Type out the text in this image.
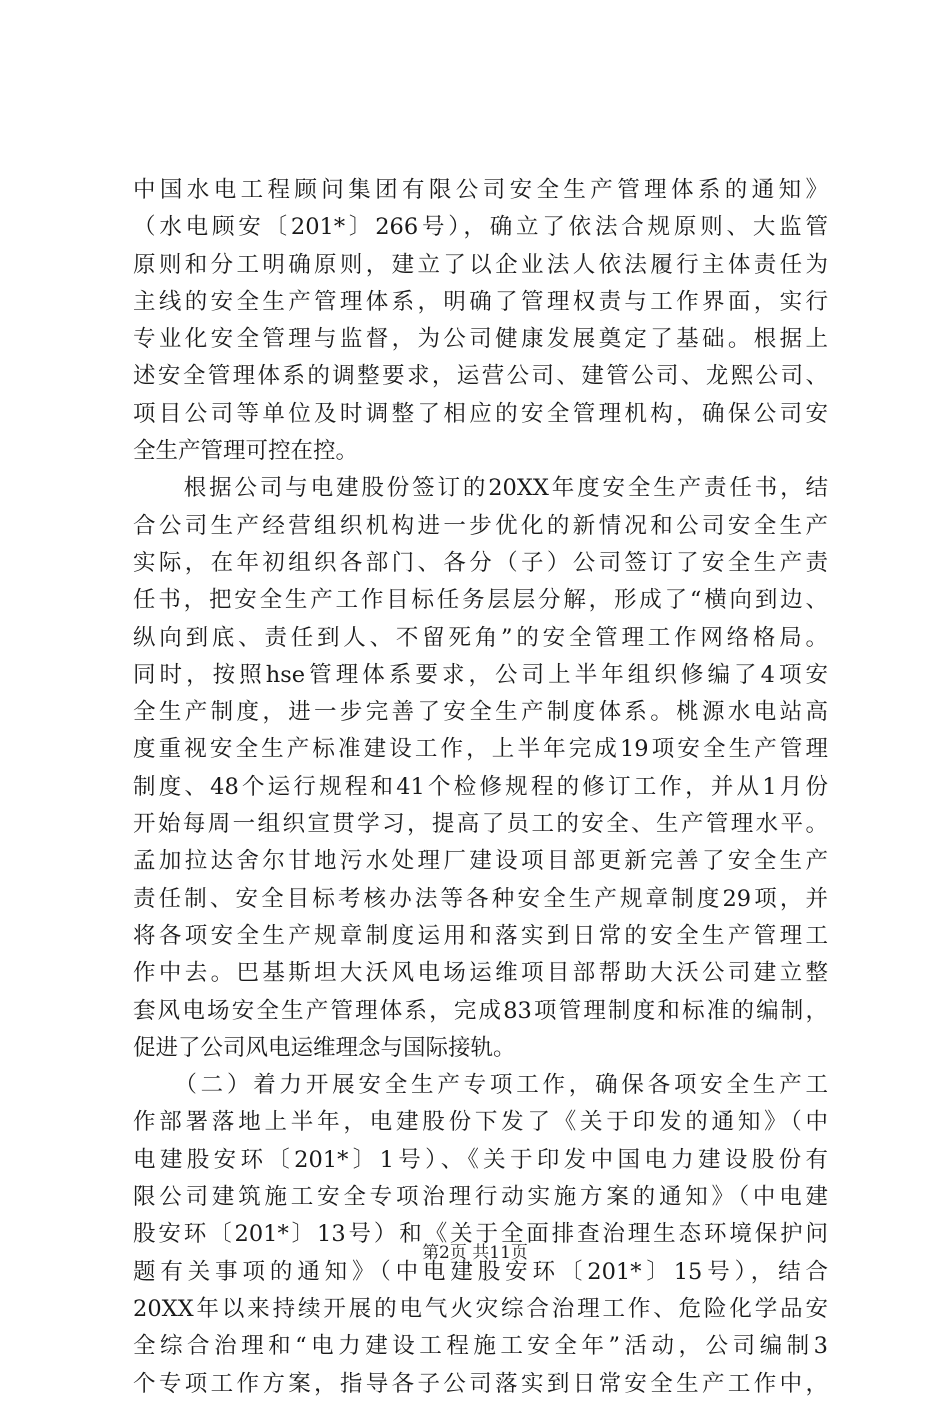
中国水电工程顾问集团有限公司安全生产管理体系的通知》
（水电顾安〔201*〕266号），确立了依法合规原则、大监管
原则和分工明确原则，建立了以企业法人依法履行主体责任为
主线的安全生产管理体系，明确了管理权责与工作界面，实行
专业化安全管理与监督，为公司健康发展奠定了基础。根据上
述安全管理体系的调整要求，运营公司、建管公司、龙熙公司、
项目公司等单位及时调整了相应的安全管理机构，确保公司安
全生产管理可控在控。
　　根据公司与电建股份签订的20XX年度安全生产责任书，结
合公司生产经营组织机构进一步优化的新情况和公司安全生产
实际，在年初组织各部门、各分（子）公司签订了安全生产责
任书，把安全生产工作目标任务层层分解，形成了“横向到边、
纵向到底、责任到人、不留死角”的安全管理工作网络格局。
同时，按照hse管理体系要求，公司上半年组织修编了4项安
全生产制度，进一步完善了安全生产制度体系。桃源水电站高
度重视安全生产标准建设工作，上半年完成19项安全生产管理
制度、48个运行规程和41个检修规程的修订工作，并从1月份
开始每周一组织宣贯学习，提高了员工的安全、生产管理水平。
孟加拉达舍尔甘地污水处理厂建设项目部更新完善了安全生产
责任制、安全目标考核办法等各种安全生产规章制度29项，并
将各项安全生产规章制度运用和落实到日常的安全生产管理工
作中去。巴基斯坦大沃风电场运维项目部帮助大沃公司建立整
套风电场安全生产管理体系，完成83项管理制度和标准的编制，
促进了公司风电运维理念与国际接轨。
　　（二）着力开展安全生产专项工作，确保各项安全生产工
作部署落地上半年，电建股份下发了《关于印发的通知》（中
电建股安环〔201*〕1号）、《关于印发中国电力建设股份有
限公司建筑施工安全专项治理行动实施方案的通知》（中电建
股安环〔201*〕13号）和《关于全面排查治理生态环境保护问
题有关事项的通知》（中电建股安环〔201*〕15号），结合
20XX年以来持续开展的电气火灾综合治理工作、危险化学品安
全综合治理和“电力建设工程施工安全年”活动，公司编制3
个专项工作方案，指导各子公司落实到日常安全生产工作中，
第2页 共11页
